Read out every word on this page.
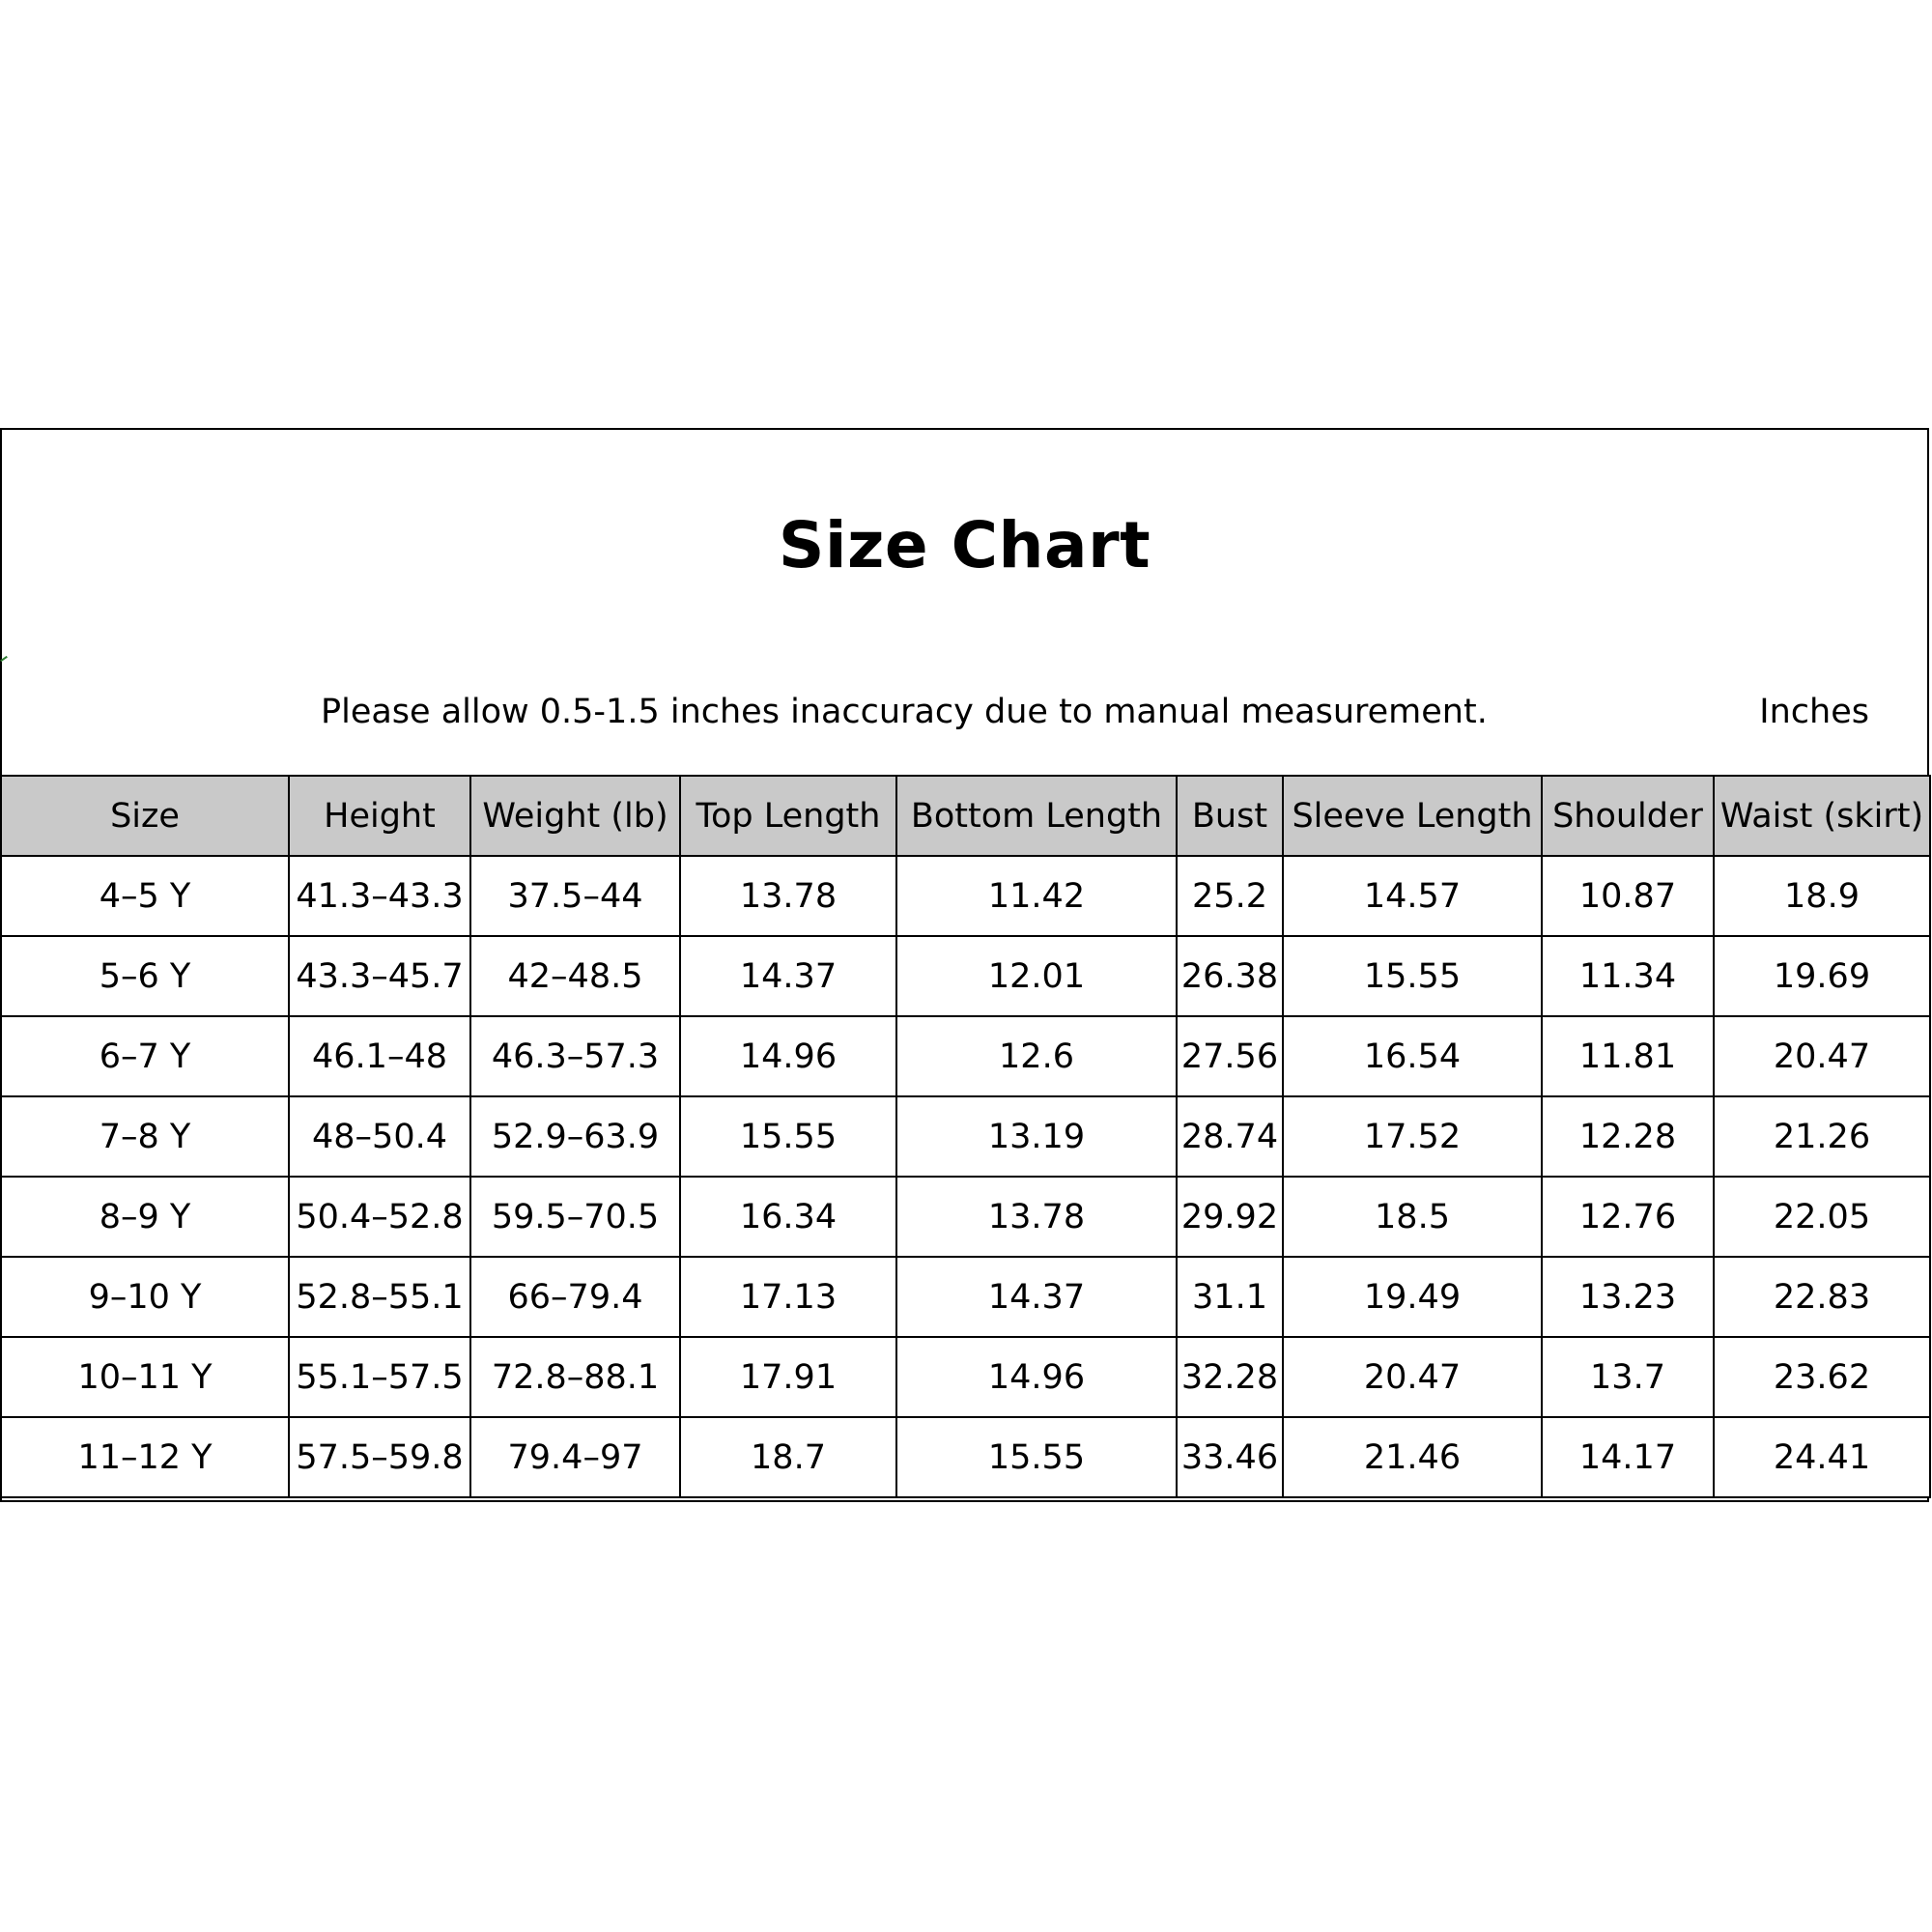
Size Chart
Please allow 0.5-1.5 inches inaccuracy due to manual measurement.	Inches
Size	Height	Weight (lb)	Top Length	Bottom Length	Bust	Sleeve Length	Shoulder	Waist (skirt)
4–5 Y	41.3–43.3	37.5–44	13.78	11.42	25.2	14.57	10.87	18.9
5–6 Y	43.3–45.7	42–48.5	14.37	12.01	26.38	15.55	11.34	19.69
6–7 Y	46.1–48	46.3–57.3	14.96	12.6	27.56	16.54	11.81	20.47
7–8 Y	48–50.4	52.9–63.9	15.55	13.19	28.74	17.52	12.28	21.26
8–9 Y	50.4–52.8	59.5–70.5	16.34	13.78	29.92	18.5	12.76	22.05
9–10 Y	52.8–55.1	66–79.4	17.13	14.37	31.1	19.49	13.23	22.83
10–11 Y	55.1–57.5	72.8–88.1	17.91	14.96	32.28	20.47	13.7	23.62
11–12 Y	57.5–59.8	79.4–97	18.7	15.55	33.46	21.46	14.17	24.41
